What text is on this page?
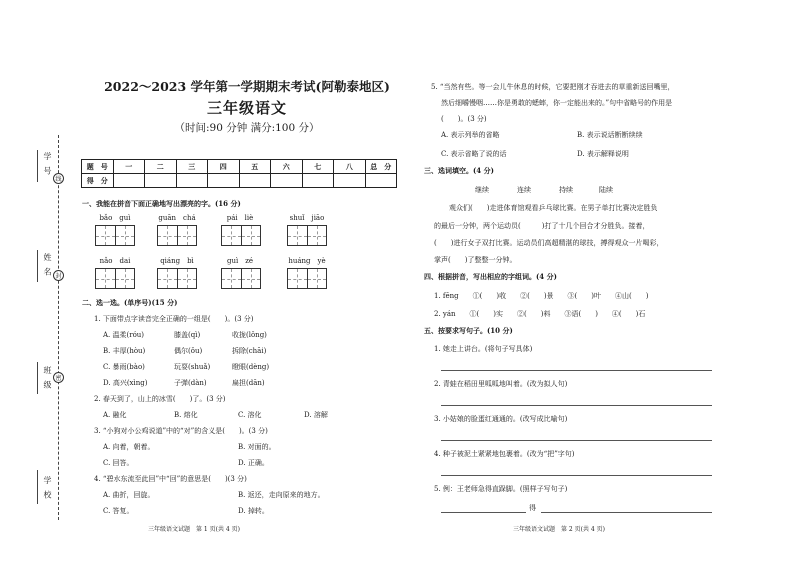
学 号
姓 名
班 级
学 校
线
封
密
2022～2023 学年第一学期期末考试(阿勒泰地区)
三年级语文
（时间:90 分钟 满分:100 分）
题　号	一	二	三	四	五	六	七	八	总　分
得　分									
一、我能在拼音下面正确地写出漂亮的字。(16 分)
bǎo　guì	guān　chá	pái　liè	shuǐ　jiāo
nǎo　dai	qiáng　bì	guì　zé	huáng　yè
二、选一选。(单序号)(15 分)
1. 下面带点字读音完全正确的一组是(　　)。(3 分)
A. 温柔(róu)	膝盖(qì)	收拢(lǒng)
B. 丰厚(hòu)	偶尔(ǒu)	拆除(chāi)
C. 暴雨(bào)	玩耍(shuǎ)	瞪眼(dèng)
D. 高兴(xìng)	子弹(dàn)	扁担(dān)
2. 春天到了，山上的冰雪(　　)了。(3 分)
A. 融化	B. 熔化	C. 溶化	D. 溶解
3. “小狗对小公鸡说道”中的“对”的含义是(　　)。(3 分)
A. 向着，朝着。	B. 对面的。
C. 回答。	D. 正确。
4. “碧水东流至此回”中“回”的意思是(　　)(3 分)
A. 曲折，回旋。	B. 返还，走向原来的地方。
C. 答复。	D. 掉转。
三年级语文试题　第 1 页(共 4 页)
5. “当然有些。等一会儿牛休息的时候，它要把刚才吞进去的草重新送回嘴里，
然后细嚼慢咽……你是勇敢的蟋蟀，你一定能出来的。”句中省略号的作用是
(　　)。(3 分)
A. 表示列举的省略	B. 表示说话断断续续
C. 表示省略了说的话	D. 表示解释说明
三、选词填空。(4 分)
继续	连续	持续	陆续
观众们(　　)走进体育馆观看乒乓球比赛。在男子单打比赛决定胜负
的最后一分钟，两个运动员(　　　)打了十几个回合才分胜负。接着，
(　　)进行女子双打比赛。运动员们高超精湛的球技，搏得观众一片喝彩，
掌声(　　)了整整一分钟。
四、根据拼音，写出相应的字组词。(4 分)
1. fēng　　①(　　)收　　②(　　)景　　③(　　)叶　　④山(　　)
2. yán　　①(　　)实　　②(　　)料　　③语(　　)　　④(　　)石
五、按要求写句子。(10 分)
1. 她走上讲台。(将句子写具体)
2. 青蛙在稻田里呱呱地叫着。(改为拟人句)
3. 小姑娘的脸蛋红通通的。(改写成比喻句)
4. 种子被泥土紧紧地包裹着。(改为“把”字句)
5. 例：王老师急得直跺脚。(照样子写句子)
得
三年级语文试题　第 2 页(共 4 页)
